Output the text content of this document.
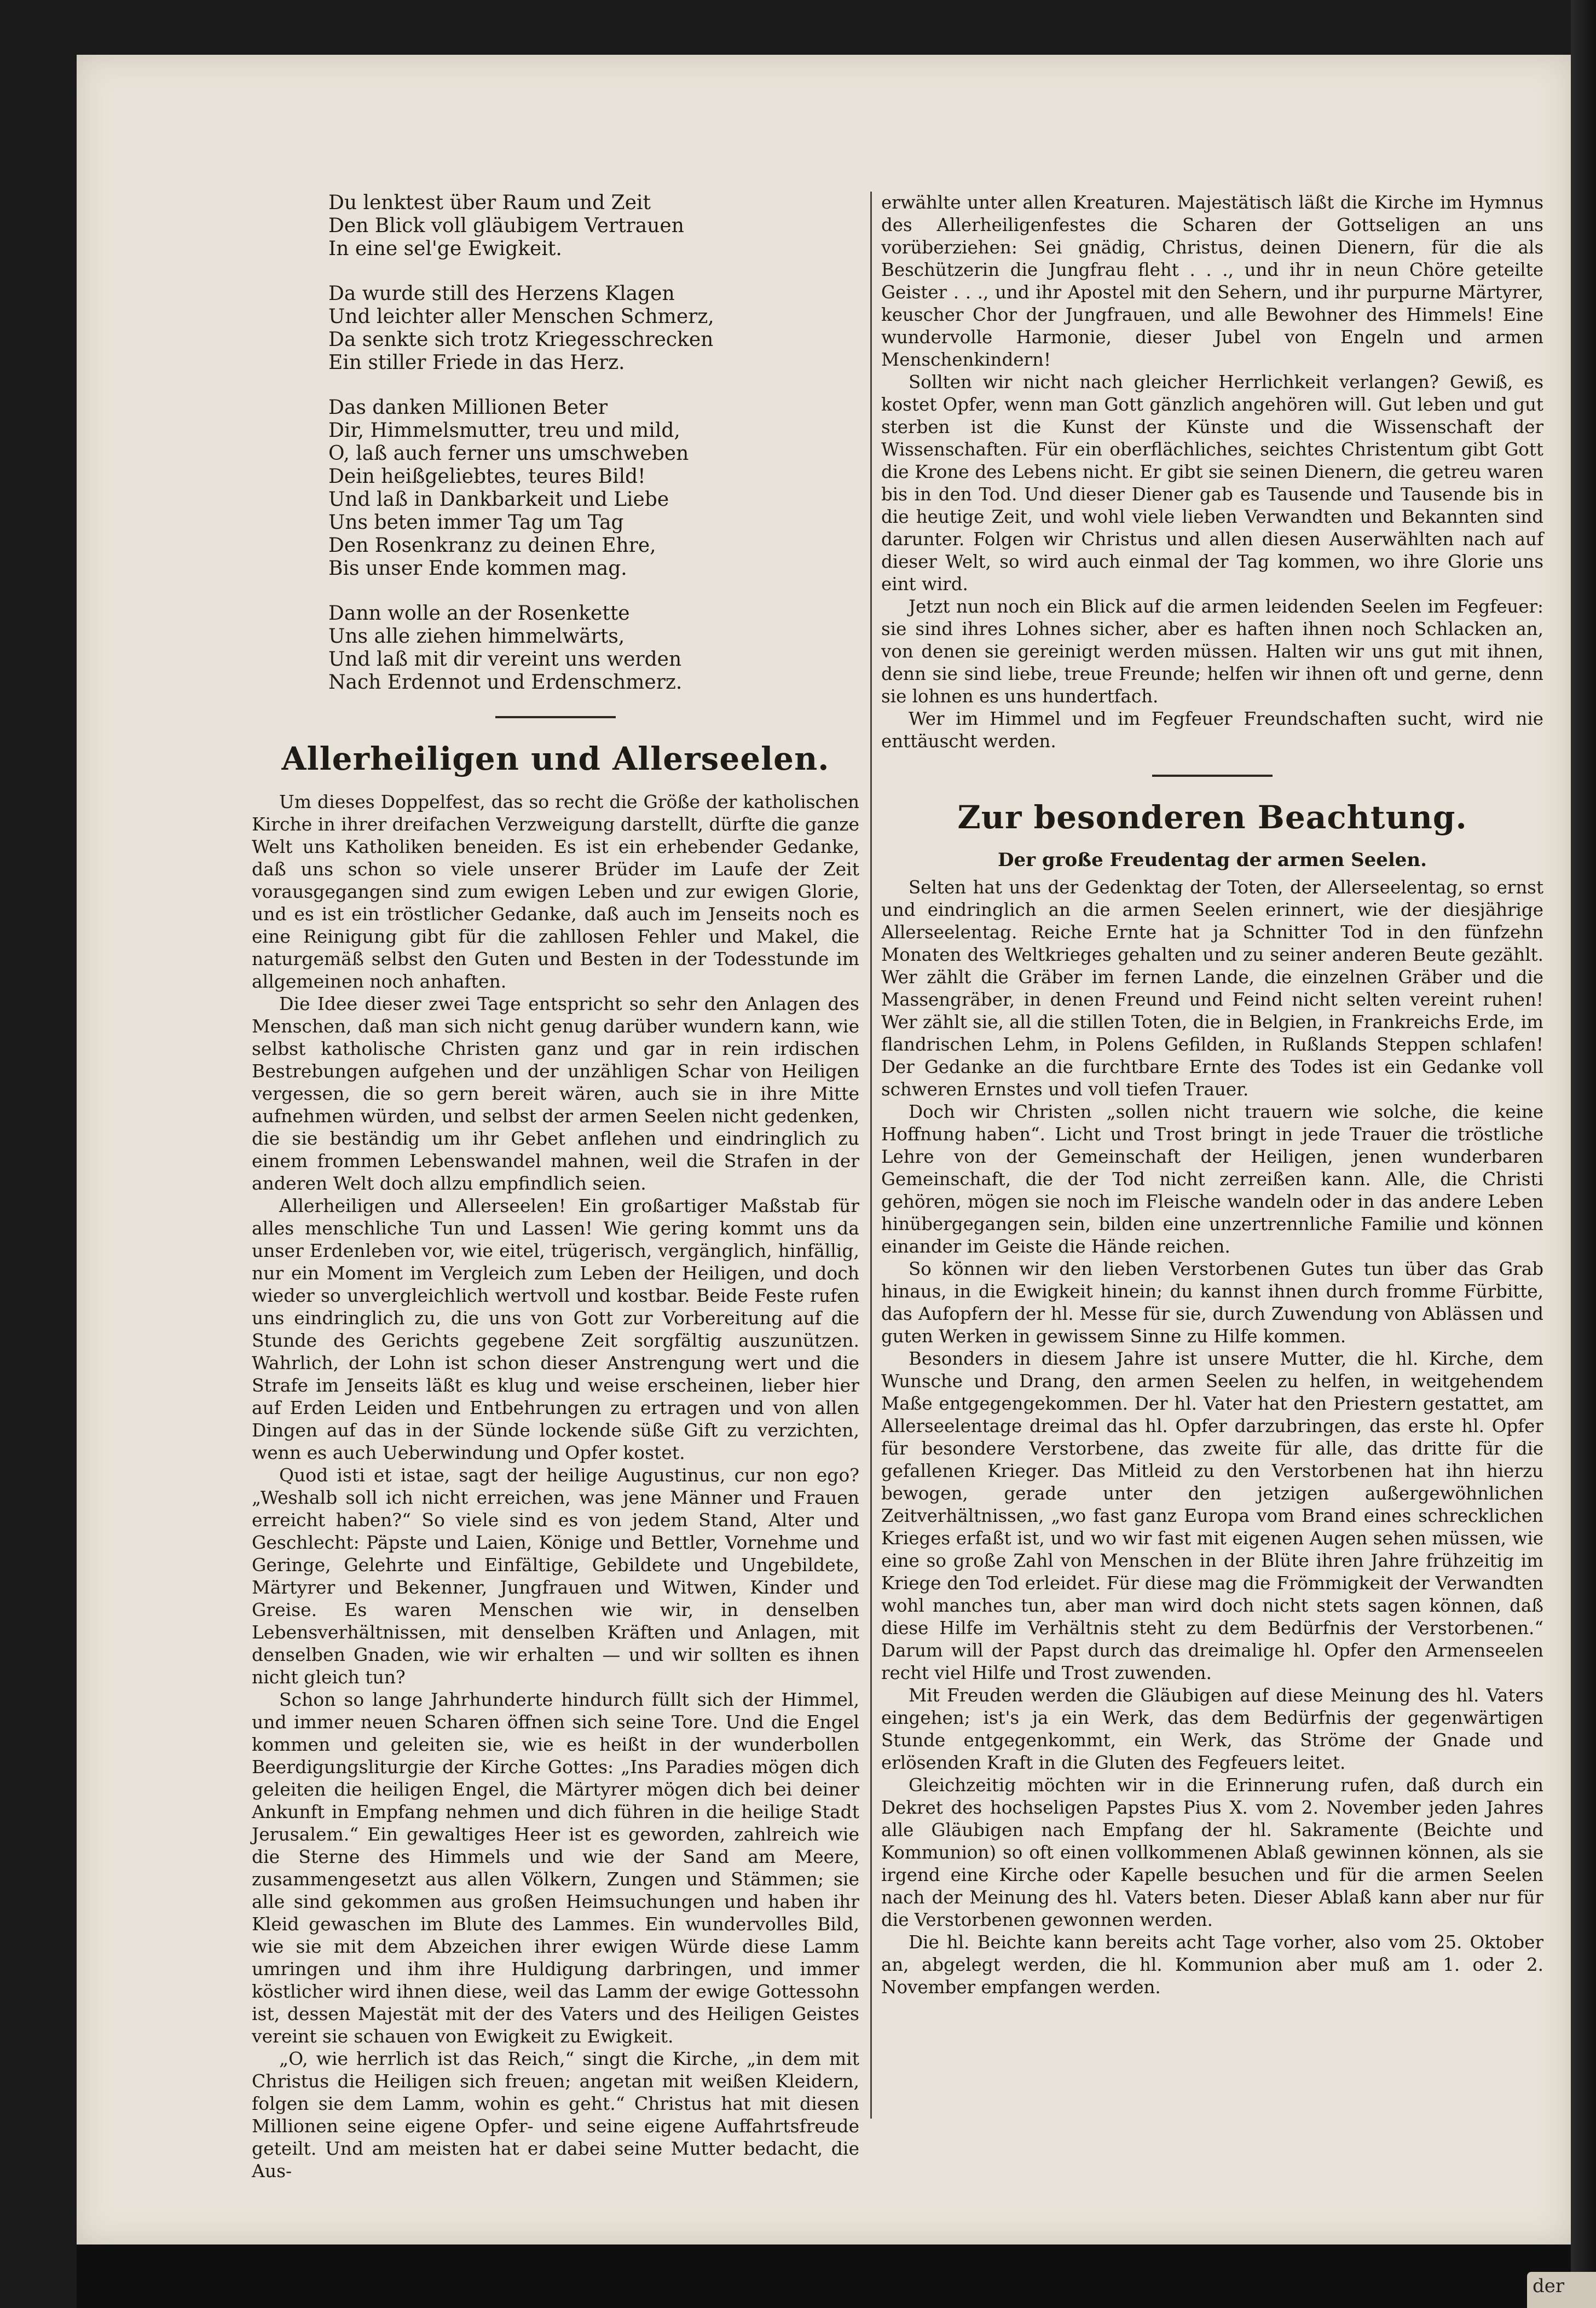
der
Du lenktest über Raum und Zeit
Den Blick voll gläubigem Vertrauen
In eine sel'ge Ewigkeit.
Da wurde still des Herzens Klagen
Und leichter aller Menschen Schmerz,
Da senkte sich trotz Kriegesschrecken
Ein stiller Friede in das Herz.
Das danken Millionen Beter
Dir, Himmelsmutter, treu und mild,
O, laß auch ferner uns umschweben
Dein heißgeliebtes, teures Bild!
Und laß in Dankbarkeit und Liebe
Uns beten immer Tag um Tag
Den Rosenkranz zu deinen Ehre,
Bis unser Ende kommen mag.
Dann wolle an der Rosenkette
Uns alle ziehen himmelwärts,
Und laß mit dir vereint uns werden
Nach Erdennot und Erdenschmerz.
Allerheiligen und Allerseelen.

Um dieses Doppelfest, das so recht die Größe der katholischen Kirche in ihrer dreifachen Verzweigung darstellt, dürfte die ganze Welt uns Katholiken beneiden. Es ist ein erhebender Gedanke, daß uns schon so viele unserer Brüder im Laufe der Zeit vorausgegangen sind zum ewigen Leben und zur ewigen Glorie, und es ist ein tröstlicher Gedanke, daß auch im Jenseits noch es eine Reinigung gibt für die zahllosen Fehler und Makel, die naturgemäß selbst den Guten und Besten in der Todesstunde im allgemeinen noch anhaften.

Die Idee dieser zwei Tage entspricht so sehr den Anlagen des Menschen, daß man sich nicht genug darüber wundern kann, wie selbst katholische Christen ganz und gar in rein irdischen Bestrebungen aufgehen und der unzähligen Schar von Heiligen vergessen, die so gern bereit wären, auch sie in ihre Mitte aufnehmen würden, und selbst der armen Seelen nicht gedenken, die sie beständig um ihr Gebet anflehen und eindringlich zu einem frommen Lebenswandel mahnen, weil die Strafen in der anderen Welt doch allzu empfindlich seien.

Allerheiligen und Allerseelen! Ein großartiger Maßstab für alles menschliche Tun und Lassen! Wie gering kommt uns da unser Erdenleben vor, wie eitel, trügerisch, vergänglich, hinfällig, nur ein Moment im Vergleich zum Leben der Heiligen, und doch wieder so unvergleichlich wertvoll und kostbar. Beide Feste rufen uns eindringlich zu, die uns von Gott zur Vorbereitung auf die Stunde des Gerichts gegebene Zeit sorgfältig auszunützen. Wahrlich, der Lohn ist schon dieser Anstrengung wert und die Strafe im Jenseits läßt es klug und weise erscheinen, lieber hier auf Erden Leiden und Entbehrungen zu ertragen und von allen Dingen auf das in der Sünde lockende süße Gift zu verzichten, wenn es auch Ueberwindung und Opfer kostet.

Quod isti et istae, sagt der heilige Augustinus, cur non ego? „Weshalb soll ich nicht erreichen, was jene Männer und Frauen erreicht haben?“ So viele sind es von jedem Stand, Alter und Geschlecht: Päpste und Laien, Könige und Bettler, Vornehme und Geringe, Gelehrte und Einfältige, Gebildete und Ungebildete, Märtyrer und Bekenner, Jungfrauen und Witwen, Kinder und Greise. Es waren Menschen wie wir, in denselben Lebensverhältnissen, mit denselben Kräften und Anlagen, mit denselben Gnaden, wie wir erhalten — und wir sollten es ihnen nicht gleich tun?

Schon so lange Jahrhunderte hindurch füllt sich der Himmel, und immer neuen Scharen öffnen sich seine Tore. Und die Engel kommen und geleiten sie, wie es heißt in der wunderbollen Beerdigungsliturgie der Kirche Gottes: „Ins Paradies mögen dich geleiten die heiligen Engel, die Märtyrer mögen dich bei deiner Ankunft in Empfang nehmen und dich führen in die heilige Stadt Jerusalem.“ Ein gewaltiges Heer ist es geworden, zahlreich wie die Sterne des Himmels und wie der Sand am Meere, zusammengesetzt aus allen Völkern, Zungen und Stämmen; sie alle sind gekommen aus großen Heimsuchungen und haben ihr Kleid gewaschen im Blute des Lammes. Ein wundervolles Bild, wie sie mit dem Abzeichen ihrer ewigen Würde diese Lamm umringen und ihm ihre Huldigung darbringen, und immer köstlicher wird ihnen diese, weil das Lamm der ewige Gottessohn ist, dessen Majestät mit der des Vaters und des Heiligen Geistes vereint sie schauen von Ewigkeit zu Ewigkeit.

„O, wie herrlich ist das Reich,“ singt die Kirche, „in dem mit Christus die Heiligen sich freuen; angetan mit weißen Kleidern, folgen sie dem Lamm, wohin es geht.“ Christus hat mit diesen Millionen seine eigene Opfer- und seine eigene Auffahrtsfreude geteilt. Und am meisten hat er dabei seine Mutter bedacht, die Aus-

erwählte unter allen Kreaturen. Majestätisch läßt die Kirche im Hymnus des Allerheiligenfestes die Scharen der Gottseligen an uns vorüberziehen: Sei gnädig, Christus, deinen Dienern, für die als Beschützerin die Jungfrau fleht . . ., und ihr in neun Chöre geteilte Geister . . ., und ihr Apostel mit den Sehern, und ihr purpurne Märtyrer, keuscher Chor der Jungfrauen, und alle Bewohner des Himmels! Eine wundervolle Harmonie, dieser Jubel von Engeln und armen Menschenkindern!

Sollten wir nicht nach gleicher Herrlichkeit verlangen? Gewiß, es kostet Opfer, wenn man Gott gänzlich angehören will. Gut leben und gut sterben ist die Kunst der Künste und die Wissenschaft der Wissenschaften. Für ein oberflächliches, seichtes Christentum gibt Gott die Krone des Lebens nicht. Er gibt sie seinen Dienern, die getreu waren bis in den Tod. Und dieser Diener gab es Tausende und Tausende bis in die heutige Zeit, und wohl viele lieben Verwandten und Bekannten sind darunter. Folgen wir Christus und allen diesen Auserwählten nach auf dieser Welt, so wird auch einmal der Tag kommen, wo ihre Glorie uns eint wird.

Jetzt nun noch ein Blick auf die armen leidenden Seelen im Fegfeuer: sie sind ihres Lohnes sicher, aber es haften ihnen noch Schlacken an, von denen sie gereinigt werden müssen. Halten wir uns gut mit ihnen, denn sie sind liebe, treue Freunde; helfen wir ihnen oft und gerne, denn sie lohnen es uns hundertfach.

Wer im Himmel und im Fegfeuer Freundschaften sucht, wird nie enttäuscht werden.

Zur besonderen Beachtung.
Der große Freudentag der armen Seelen.

Selten hat uns der Gedenktag der Toten, der Allerseelentag, so ernst und eindringlich an die armen Seelen erinnert, wie der diesjährige Allerseelentag. Reiche Ernte hat ja Schnitter Tod in den fünfzehn Monaten des Weltkrieges gehalten und zu seiner anderen Beute gezählt. Wer zählt die Gräber im fernen Lande, die einzelnen Gräber und die Massengräber, in denen Freund und Feind nicht selten vereint ruhen! Wer zählt sie, all die stillen Toten, die in Belgien, in Frankreichs Erde, im flandrischen Lehm, in Polens Gefilden, in Rußlands Steppen schlafen! Der Gedanke an die furchtbare Ernte des Todes ist ein Gedanke voll schweren Ernstes und voll tiefen Trauer.

Doch wir Christen „sollen nicht trauern wie solche, die keine Hoffnung haben“. Licht und Trost bringt in jede Trauer die tröstliche Lehre von der Gemeinschaft der Heiligen, jenen wunderbaren Gemeinschaft, die der Tod nicht zerreißen kann. Alle, die Christi gehören, mögen sie noch im Fleische wandeln oder in das andere Leben hinübergegangen sein, bilden eine unzertrennliche Familie und können einander im Geiste die Hände reichen.

So können wir den lieben Verstorbenen Gutes tun über das Grab hinaus, in die Ewigkeit hinein; du kannst ihnen durch fromme Fürbitte, das Aufopfern der hl. Messe für sie, durch Zuwendung von Ablässen und guten Werken in gewissem Sinne zu Hilfe kommen.

Besonders in diesem Jahre ist unsere Mutter, die hl. Kirche, dem Wunsche und Drang, den armen Seelen zu helfen, in weitgehendem Maße entgegengekommen. Der hl. Vater hat den Priestern gestattet, am Allerseelentage dreimal das hl. Opfer darzubringen, das erste hl. Opfer für besondere Verstorbene, das zweite für alle, das dritte für die gefallenen Krieger. Das Mitleid zu den Verstorbenen hat ihn hierzu bewogen, gerade unter den jetzigen außergewöhnlichen Zeitverhältnissen, „wo fast ganz Europa vom Brand eines schrecklichen Krieges erfaßt ist, und wo wir fast mit eigenen Augen sehen müssen, wie eine so große Zahl von Menschen in der Blüte ihren Jahre frühzeitig im Kriege den Tod erleidet. Für diese mag die Frömmigkeit der Verwandten wohl manches tun, aber man wird doch nicht stets sagen können, daß diese Hilfe im Verhältnis steht zu dem Bedürfnis der Verstorbenen.“ Darum will der Papst durch das dreimalige hl. Opfer den Armenseelen recht viel Hilfe und Trost zuwenden.

Mit Freuden werden die Gläubigen auf diese Meinung des hl. Vaters eingehen; ist's ja ein Werk, das dem Bedürfnis der gegenwärtigen Stunde entgegenkommt, ein Werk, das Ströme der Gnade und erlösenden Kraft in die Gluten des Fegfeuers leitet.

Gleichzeitig möchten wir in die Erinnerung rufen, daß durch ein Dekret des hochseligen Papstes Pius X. vom 2. November jeden Jahres alle Gläubigen nach Empfang der hl. Sakramente (Beichte und Kommunion) so oft einen vollkommenen Ablaß gewinnen können, als sie irgend eine Kirche oder Kapelle besuchen und für die armen Seelen nach der Meinung des hl. Vaters beten. Dieser Ablaß kann aber nur für die Verstorbenen gewonnen werden.

Die hl. Beichte kann bereits acht Tage vorher, also vom 25. Oktober an, abgelegt werden, die hl. Kommunion aber muß am 1. oder 2. November empfangen werden.
